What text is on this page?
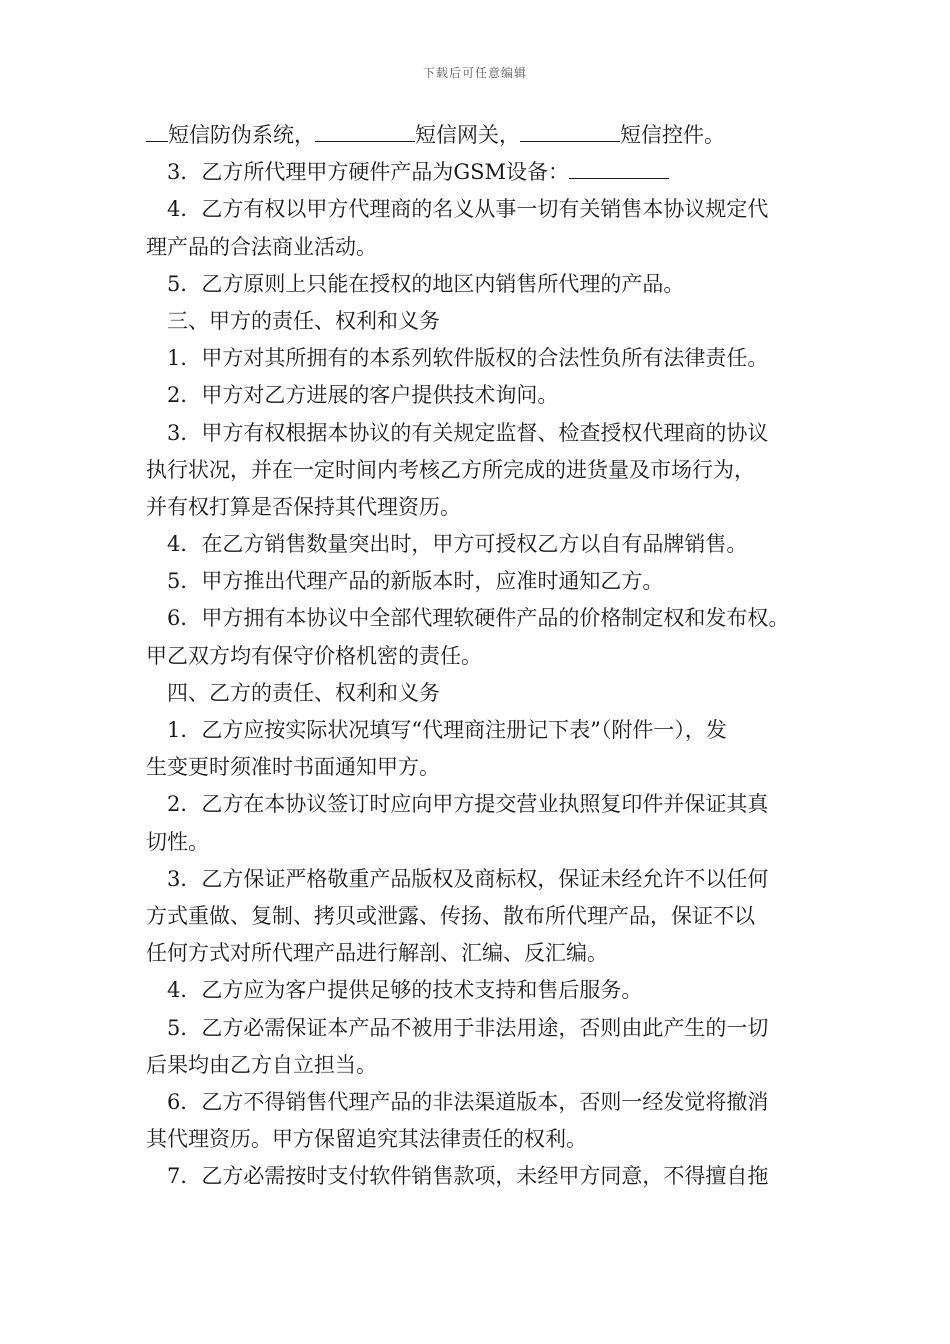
下载后可任意编辑
短信防伪系统，	短信网关，	短信控件。
3．乙方所代理甲方硬件产品为GSM设备：
4．乙方有权以甲方代理商的名义从事一切有关销售本协议规定代
理产品的合法商业活动。
5．乙方原则上只能在授权的地区内销售所代理的产品。
三、甲方的责任、权利和义务
1．甲方对其所拥有的本系列软件版权的合法性负所有法律责任。
2．甲方对乙方进展的客户提供技术询问。
3．甲方有权根据本协议的有关规定监督、检查授权代理商的协议
执行状况，并在一定时间内考核乙方所完成的进货量及市场行为，
并有权打算是否保持其代理资历。
4．在乙方销售数量突出时，甲方可授权乙方以自有品牌销售。
5．甲方推出代理产品的新版本时，应准时通知乙方。
6．甲方拥有本协议中全部代理软硬件产品的价格制定权和发布权。
甲乙双方均有保守价格机密的责任。
四、乙方的责任、权利和义务
1．乙方应按实际状况填写“代理商注册记下表”（附件一），发
生变更时须准时书面通知甲方。
2．乙方在本协议签订时应向甲方提交营业执照复印件并保证其真
切性。
3．乙方保证严格敬重产品版权及商标权，保证未经允许不以任何
方式重做、复制、拷贝或泄露、传扬、散布所代理产品，保证不以
任何方式对所代理产品进行解剖、汇编、反汇编。
4．乙方应为客户提供足够的技术支持和售后服务。
5．乙方必需保证本产品不被用于非法用途，否则由此产生的一切
后果均由乙方自立担当。
6．乙方不得销售代理产品的非法渠道版本，否则一经发觉将撤消
其代理资历。甲方保留追究其法律责任的权利。
7．乙方必需按时支付软件销售款项，未经甲方同意，不得擅自拖
